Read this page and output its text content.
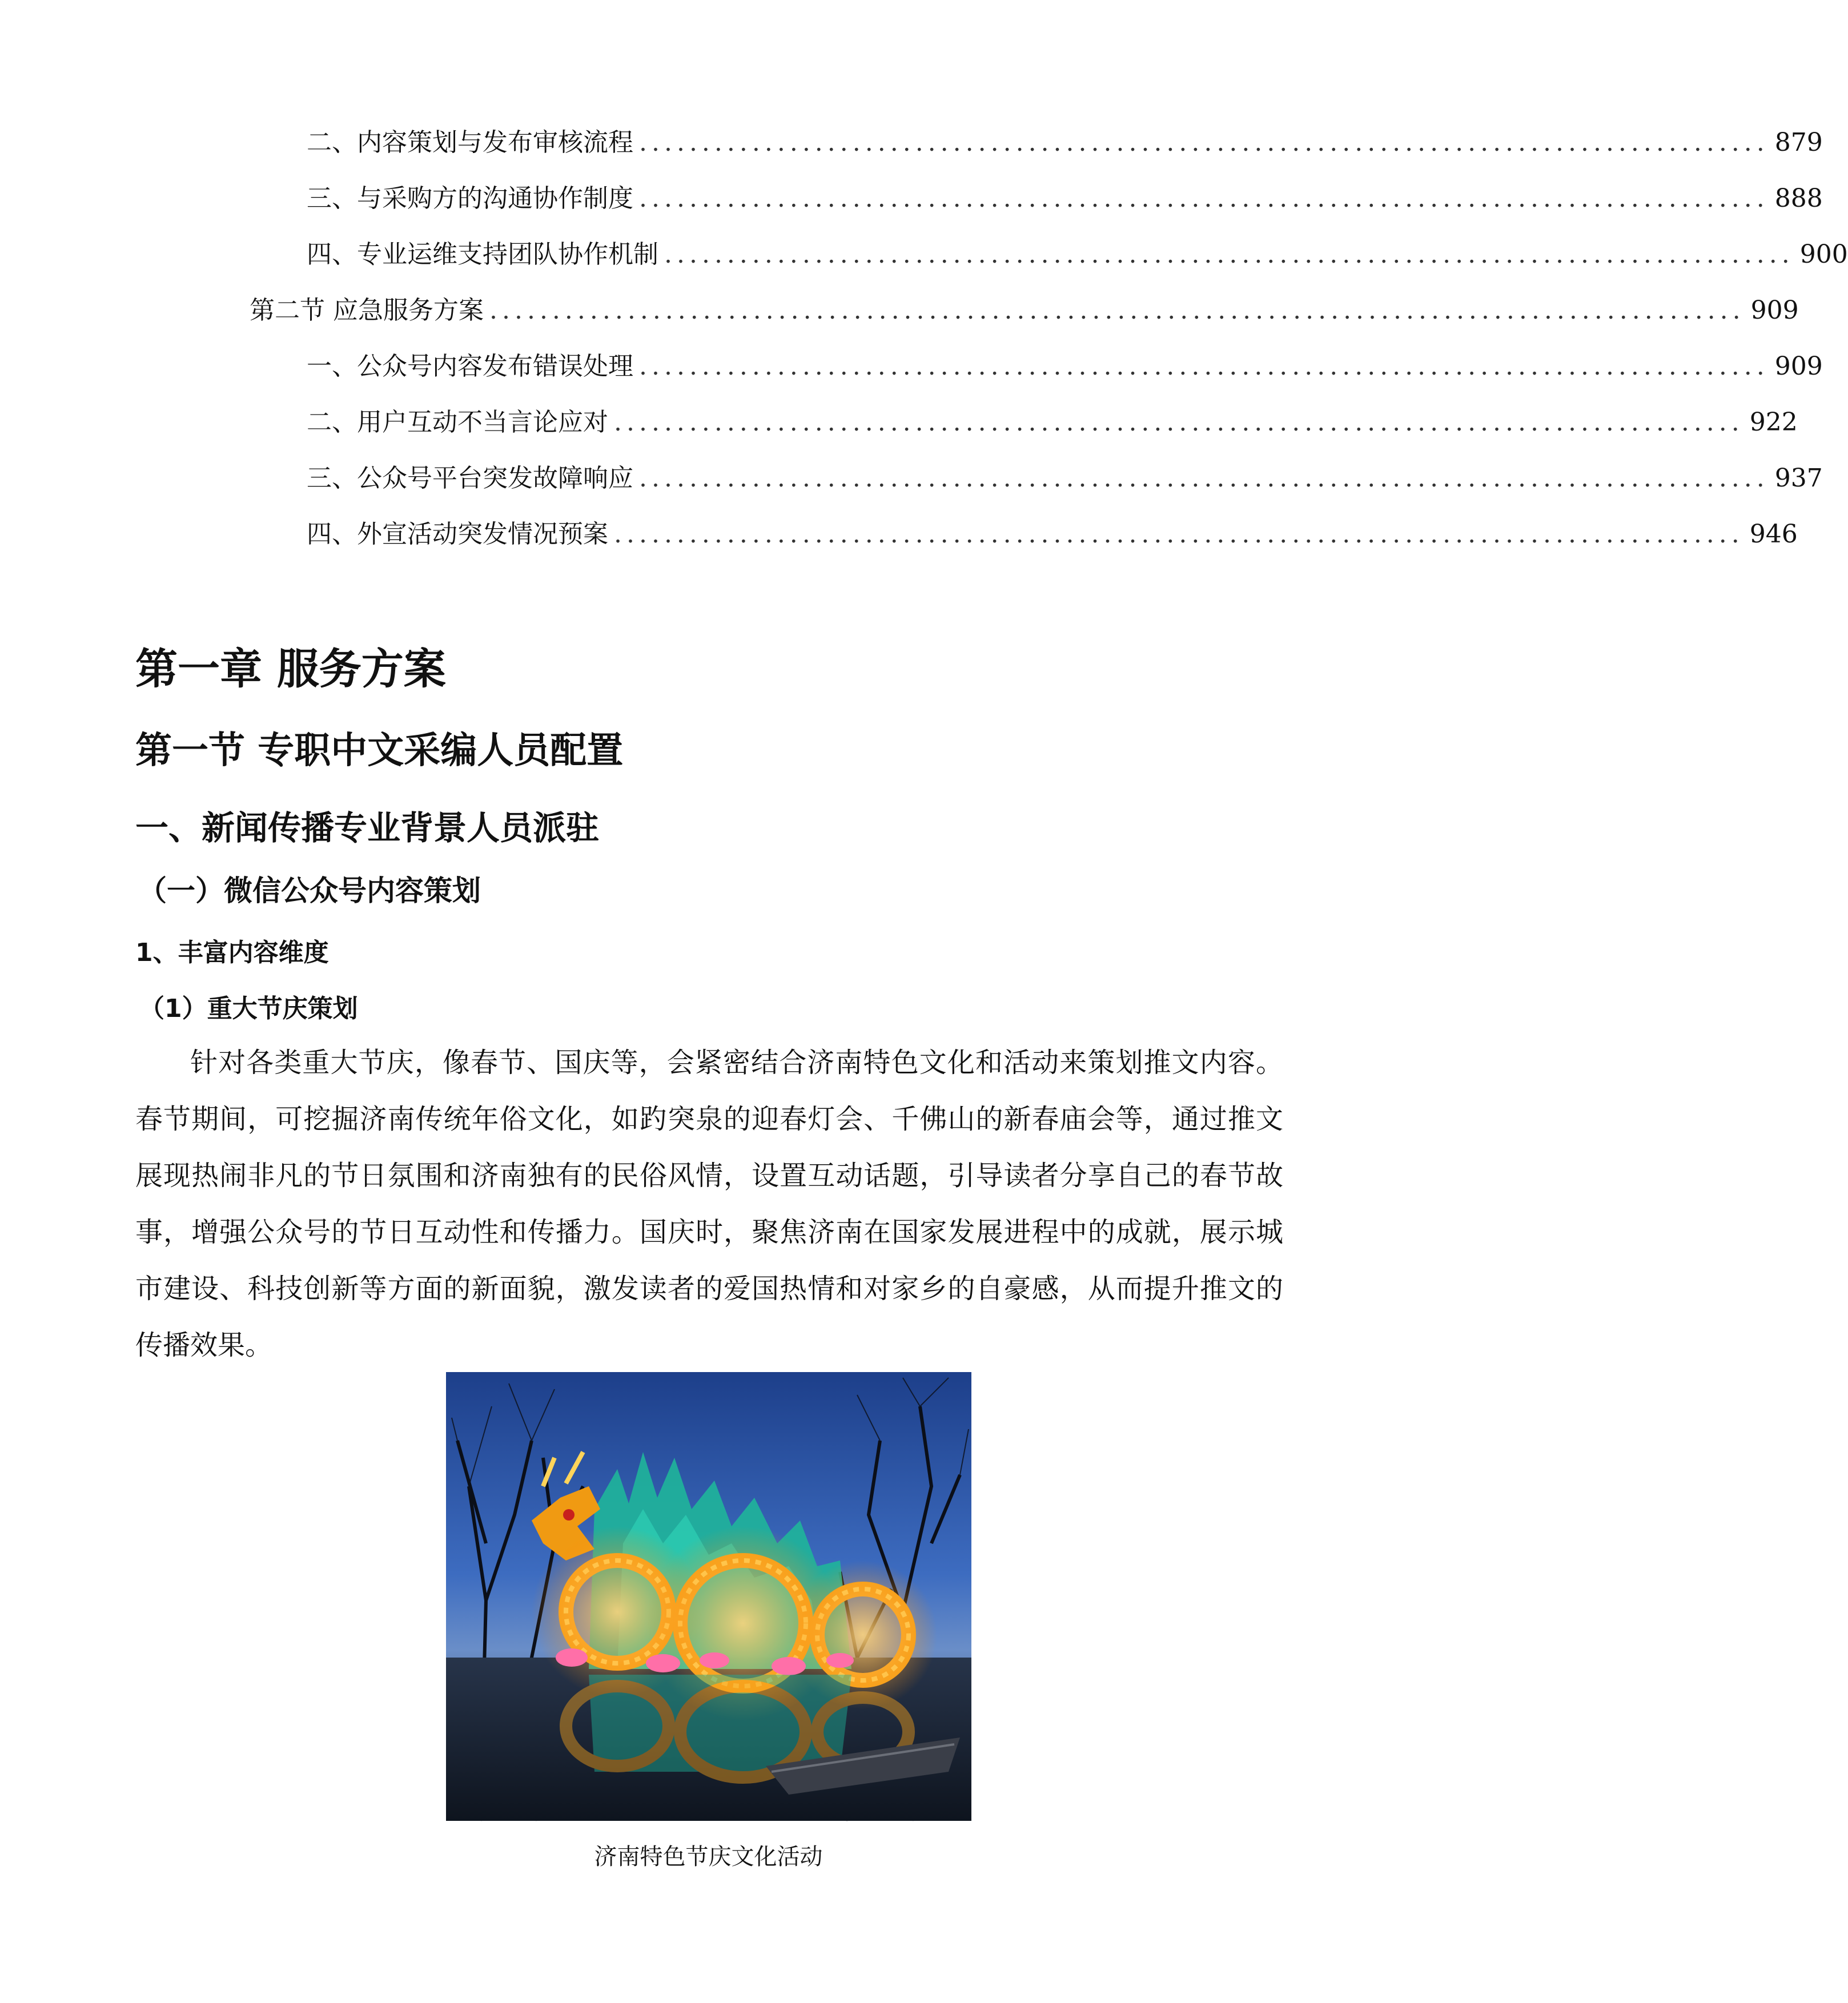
二、 内容策划与发布审核流程 .......................................................................................... 879
三、 与采购方的沟通协作制度 .......................................................................................... 888
四、 专业运维支持团队协作机制 .......................................................................................... 900
第二节 应急服务方案 .................................................................................................... 909
一、 公众号内容发布错误处理 .......................................................................................... 909
二、 用户互动不当言论应对 .......................................................................................... 922
三、 公众号平台突发故障响应 .......................................................................................... 937
四、 外宣活动突发情况预案 .......................................................................................... 946
第一章 服务方案
第一节 专职中文采编人员配置
一、新闻传播专业背景人员派驻
（一）微信公众号内容策划
1、丰富内容维度
（1）重大节庆策划

针对各类重大节庆，像春节、国庆等，会紧密结合济南特色文化和活动来策划推文内容。春节期间，可挖掘济南传统年俗文化，如趵突泉的迎春灯会、千佛山的新春庙会等，通过推文展现热闹非凡的节日氛围和济南独有的民俗风情，设置互动话题，引导读者分享自己的春节故事，增强公众号的节日互动性和传播力。国庆时，聚焦济南在国家发展进程中的成就，展示城市建设、科技创新等方面的新面貌，激发读者的爱国热情和对家乡的自豪感，从而提升推文的传播效果。

济南特色节庆文化活动
